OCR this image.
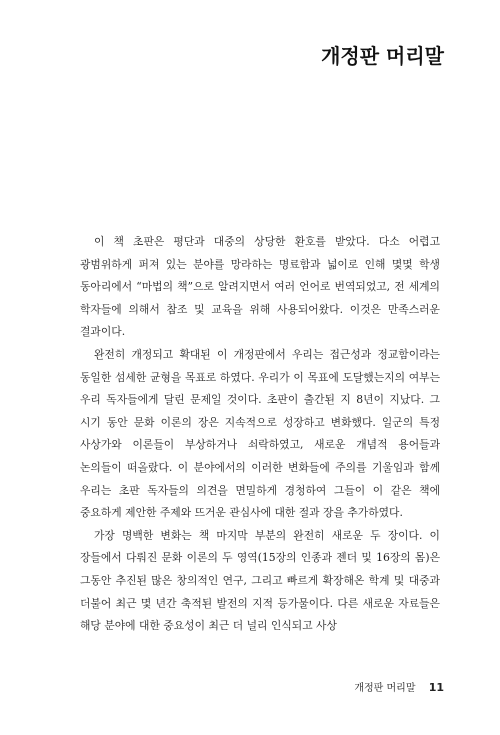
개정판 머리말

이 책 초판은 평단과 대중의 상당한 환호를 받았다. 다소 어렵고 광범위하게 퍼져 있는 분야를 망라하는 명료함과 넓이로 인해 몇몇 학생 동아리에서 “마법의 책”으로 알려지면서 여러 언어로 번역되었고, 전 세계의 학자들에 의해서 참조 및 교육을 위해 사용되어왔다. 이것은 만족스러운 결과이다.

완전히 개정되고 확대된 이 개정판에서 우리는 접근성과 정교함이라는 동일한 섬세한 균형을 목표로 하였다. 우리가 이 목표에 도달했는지의 여부는 우리 독자들에게 달린 문제일 것이다. 초판이 출간된 지 8년이 지났다. 그 시기 동안 문화 이론의 장은 지속적으로 성장하고 변화했다. 일군의 특정 사상가와 이론들이 부상하거나 쇠락하였고, 새로운 개념적 용어들과 논의들이 떠올랐다. 이 분야에서의 이러한 변화들에 주의를 기울임과 함께 우리는 초판 독자들의 의견을 면밀하게 경청하여 그들이 이 같은 책에 중요하게 제안한 주제와 뜨거운 관심사에 대한 절과 장을 추가하였다.

가장 명백한 변화는 책 마지막 부분의 완전히 새로운 두 장이다. 이 장들에서 다뤄진 문화 이론의 두 영역(15장의 인종과 젠더 및 16장의 몸)은 그동안 추진된 많은 창의적인 연구, 그리고 빠르게 확장해온 학계 및 대중과 더불어 최근 몇 년간 축적된 발전의 지적 등가물이다. 다른 새로운 자료들은 해당 분야에 대한 중요성이 최근 더 널리 인식되고 사상

개정판 머리말 11
